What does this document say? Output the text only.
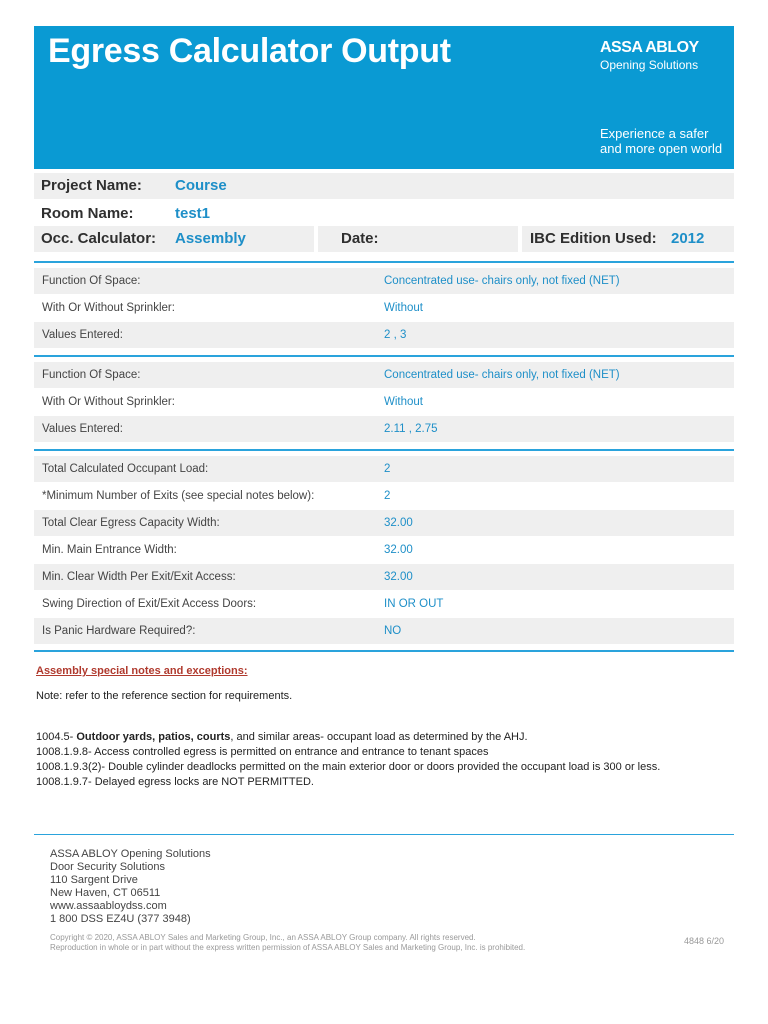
Egress Calculator Output	ASSA ABLOY
Opening Solutions
Experience a safer
and more open world
Project Name: Course
Room Name:	test1
Occ. Calculator: Assembly	Date:	IBC Edition Used: 2012
Function Of Space:	Concentrated use- chairs only, not fixed (NET)
With Or Without Sprinkler:	Without
Values Entered:	2 , 3
Function Of Space:	Concentrated use- chairs only, not fixed (NET)
With Or Without Sprinkler:	Without
Values Entered:	2.11 , 2.75
Total Calculated Occupant Load:	2
*Minimum Number of Exits (see special notes below):	2
Total Clear Egress Capacity Width:	32.00
Min. Main Entrance Width:	32.00
Min. Clear Width Per Exit/Exit Access:	32.00
Swing Direction of Exit/Exit Access Doors:	IN OR OUT
Is Panic Hardware Required?:	NO
Assembly special notes and exceptions:
Note: refer to the reference section for requirements.
1004.5- Outdoor yards, patios, courts, and similar areas- occupant load as determined by the AHJ.
1008.1.9.8- Access controlled egress is permitted on entrance and entrance to tenant spaces
1008.1.9.3(2)- Double cylinder deadlocks permitted on the main exterior door or doors provided the occupant load is 300 or less.
1008.1.9.7- Delayed egress locks are NOT PERMITTED.
ASSA ABLOY Opening Solutions
Door Security Solutions
110 Sargent Drive
New Haven, CT 06511
www.assaabloydss.com
1 800 DSS EZ4U (377 3948)
Copyright © 2020, ASSA ABLOY Sales and Marketing Group, Inc., an ASSA ABLOY Group company. All rights reserved.
Reproduction in whole or in part without the express written permission of ASSA ABLOY Sales and Marketing Group, Inc. is prohibited.
4848 6/20
